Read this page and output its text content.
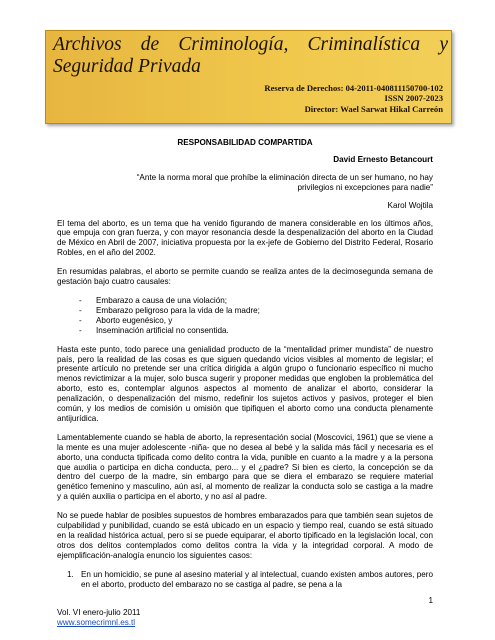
Archivos de Criminología, Criminalística y Seguridad Privada
Reserva de Derechos: 04-2011-040811150700-102
ISSN 2007-2023
Director: Wael Sarwat Hikal Carreón

RESPONSABILIDAD COMPARTIDA

David Ernesto Betancourt

“Ante la norma moral que prohíbe la eliminación directa de un ser humano, no hay privilegios ni excepciones para nadie”

Karol Wojtila

El tema del aborto, es un tema que ha venido figurando de manera considerable en los últimos años, que empuja con gran fuerza, y con mayor resonancia desde la despenalización del aborto en la Ciudad de México en Abril de 2007, iniciativa propuesta por la ex-jefe de Gobierno del Distrito Federal, Rosario Robles, en el año del 2002.

En resumidas palabras, el aborto se permite cuando se realiza antes de la decimosegunda semana de gestación bajo cuatro causales:

- Embarazo a causa de una violación;
- Embarazo peligroso para la vida de la madre;
- Aborto eugenésico, y
- Inseminación artificial no consentida.

Hasta este punto, todo parece una genialidad producto de la “mentalidad primer mundista” de nuestro país, pero la realidad de las cosas es que siguen quedando vicios visibles al momento de legislar; el presente artículo no pretende ser una crítica dirigida a algún grupo o funcionario específico ni mucho menos revictimizar a la mujer, solo busca sugerir y proponer medidas que engloben la problemática del aborto, esto es, contemplar algunos aspectos al momento de analizar el aborto, considerar la penalización, o despenalización del mismo, redefinir los sujetos activos y pasivos, proteger el bien común, y los medios de comisión u omisión que tipifiquen el aborto como una conducta plenamente antijurídica.

Lamentablemente cuando se habla de aborto, la representación social (Moscovici, 1961) que se viene a la mente es una mujer adolescente -niña- que no desea al bebé y la salida más fácil y necesaria es el aborto, una conducta tipificada como delito contra la vida, punible en cuanto a la madre y a la persona que auxilia o participa en dicha conducta, pero... y el ¿padre? Si bien es cierto, la concepción se da dentro del cuerpo de la madre, sin embargo para que se diera el embarazo se requiere material genético femenino y masculino, aún así, al momento de realizar la conducta solo se castiga a la madre y a quién auxilia o participa en el aborto, y no así al padre.

No se puede hablar de posibles supuestos de hombres embarazados para que también sean sujetos de culpabilidad y punibilidad, cuando se está ubicado en un espacio y tiempo real, cuando se está situado en la realidad histórica actual, pero si se puede equiparar, el aborto tipificado en la legislación local, con otros dos delitos contemplados como delitos contra la vida y la integridad corporal. A modo de ejemplificación-analogía enuncio los siguientes casos:

1. En un homicidio, se pune al asesino material y al intelectual, cuando existen ambos autores, pero en el aborto, producto del embarazo no se castiga al padre, se pena a la
1
Vol. VI enero-julio 2011
www.somecrimnl.es.tl
